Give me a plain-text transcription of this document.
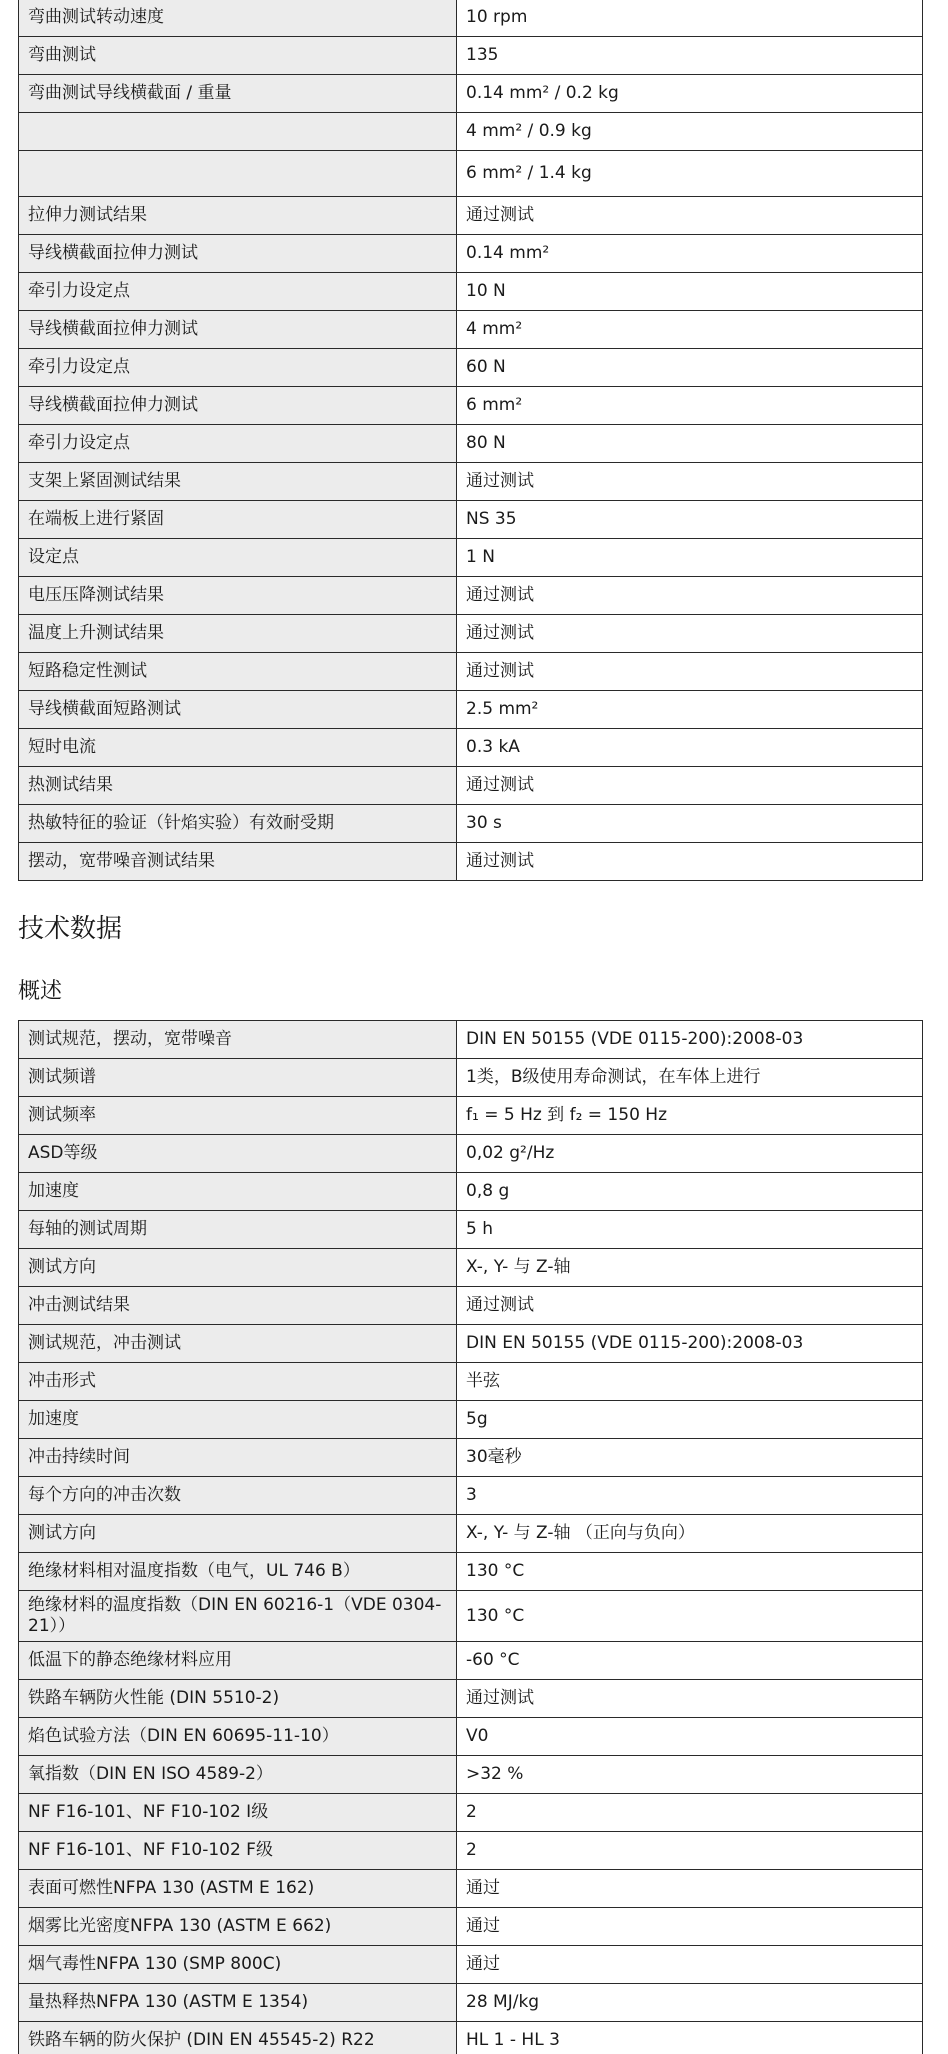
弯曲测试转动速度	10 rpm
弯曲测试	135
弯曲测试导线横截面 / 重量	0.14 mm² / 0.2 kg
	4 mm² / 0.9 kg
	6 mm² / 1.4 kg
拉伸力测试结果	通过测试
导线横截面拉伸力测试	0.14 mm²
牵引力设定点	10 N
导线横截面拉伸力测试	4 mm²
牵引力设定点	60 N
导线横截面拉伸力测试	6 mm²
牵引力设定点	80 N
支架上紧固测试结果	通过测试
在端板上进行紧固	NS 35
设定点	1 N
电压压降测试结果	通过测试
温度上升测试结果	通过测试
短路稳定性测试	通过测试
导线横截面短路测试	2.5 mm²
短时电流	0.3 kA
热测试结果	通过测试
热敏特征的验证（针焰实验）有效耐受期	30 s
摆动，宽带噪音测试结果	通过测试
技术数据
概述
测试规范，摆动，宽带噪音	DIN EN 50155 (VDE 0115-200):2008-03
测试频谱	1类，B级使用寿命测试，在车体上进行
测试频率	f₁ = 5 Hz 到 f₂ = 150 Hz
ASD等级	0,02 g²/Hz
加速度	0,8 g
每轴的测试周期	5 h
测试方向	X-, Y- 与 Z-轴
冲击测试结果	通过测试
测试规范，冲击测试	DIN EN 50155 (VDE 0115-200):2008-03
冲击形式	半弦
加速度	5g
冲击持续时间	30毫秒
每个方向的冲击次数	3
测试方向	X-, Y- 与 Z-轴 （正向与负向）
绝缘材料相对温度指数（电气，UL 746 B）	130 °C
绝缘材料的温度指数（DIN EN 60216-1（VDE 0304-21））	130 °C
低温下的静态绝缘材料应用	-60 °C
铁路车辆防火性能 (DIN 5510-2)	通过测试
焰色试验方法（DIN EN 60695-11-10）	V0
氧指数（DIN EN ISO 4589-2）	>32 %
NF F16-101、NF F10-102 I级	2
NF F16-101、NF F10-102 F级	2
表面可燃性NFPA 130 (ASTM E 162)	通过
烟雾比光密度NFPA 130 (ASTM E 662)	通过
烟气毒性NFPA 130 (SMP 800C)	通过
量热释热NFPA 130 (ASTM E 1354)	28 MJ/kg
铁路车辆的防火保护 (DIN EN 45545-2) R22	HL 1 - HL 3
